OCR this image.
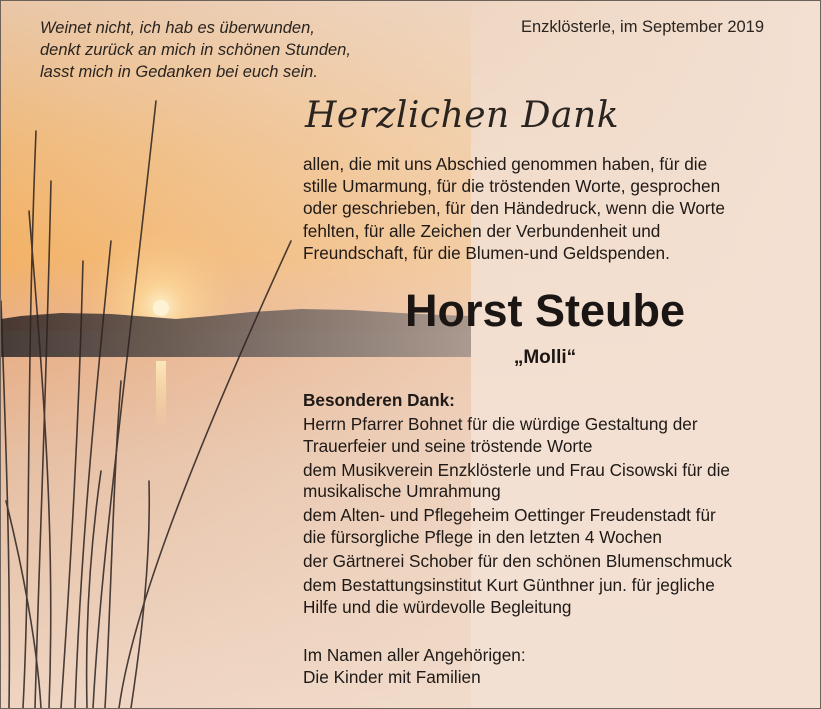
Weinet nicht, ich hab es überwunden,
denkt zurück an mich in schönen Stunden,
lasst mich in Gedanken bei euch sein.
Enzklösterle, im September 2019
Herzlichen Dank
allen, die mit uns Abschied genommen haben, für die
stille Umarmung, für die tröstenden Worte, gesprochen
oder geschrieben, für den Händedruck, wenn die Worte
fehlten, für alle Zeichen der Verbundenheit und
Freundschaft, für die Blumen-und Geldspenden.
Horst Steube
„Molli“
Besonderen Dank:
Herrn Pfarrer Bohnet für die würdige Gestaltung der
Trauerfeier und seine tröstende Worte
dem Musikverein Enzklösterle und Frau Cisowski für die
musikalische Umrahmung
dem Alten- und Pflegeheim Oettinger Freudenstadt für
die fürsorgliche Pflege in den letzten 4 Wochen
der Gärtnerei Schober für den schönen Blumenschmuck
dem Bestattungsinstitut Kurt Günthner jun. für jegliche
Hilfe und die würdevolle Begleitung
Im Namen aller Angehörigen:
Die Kinder mit Familien
